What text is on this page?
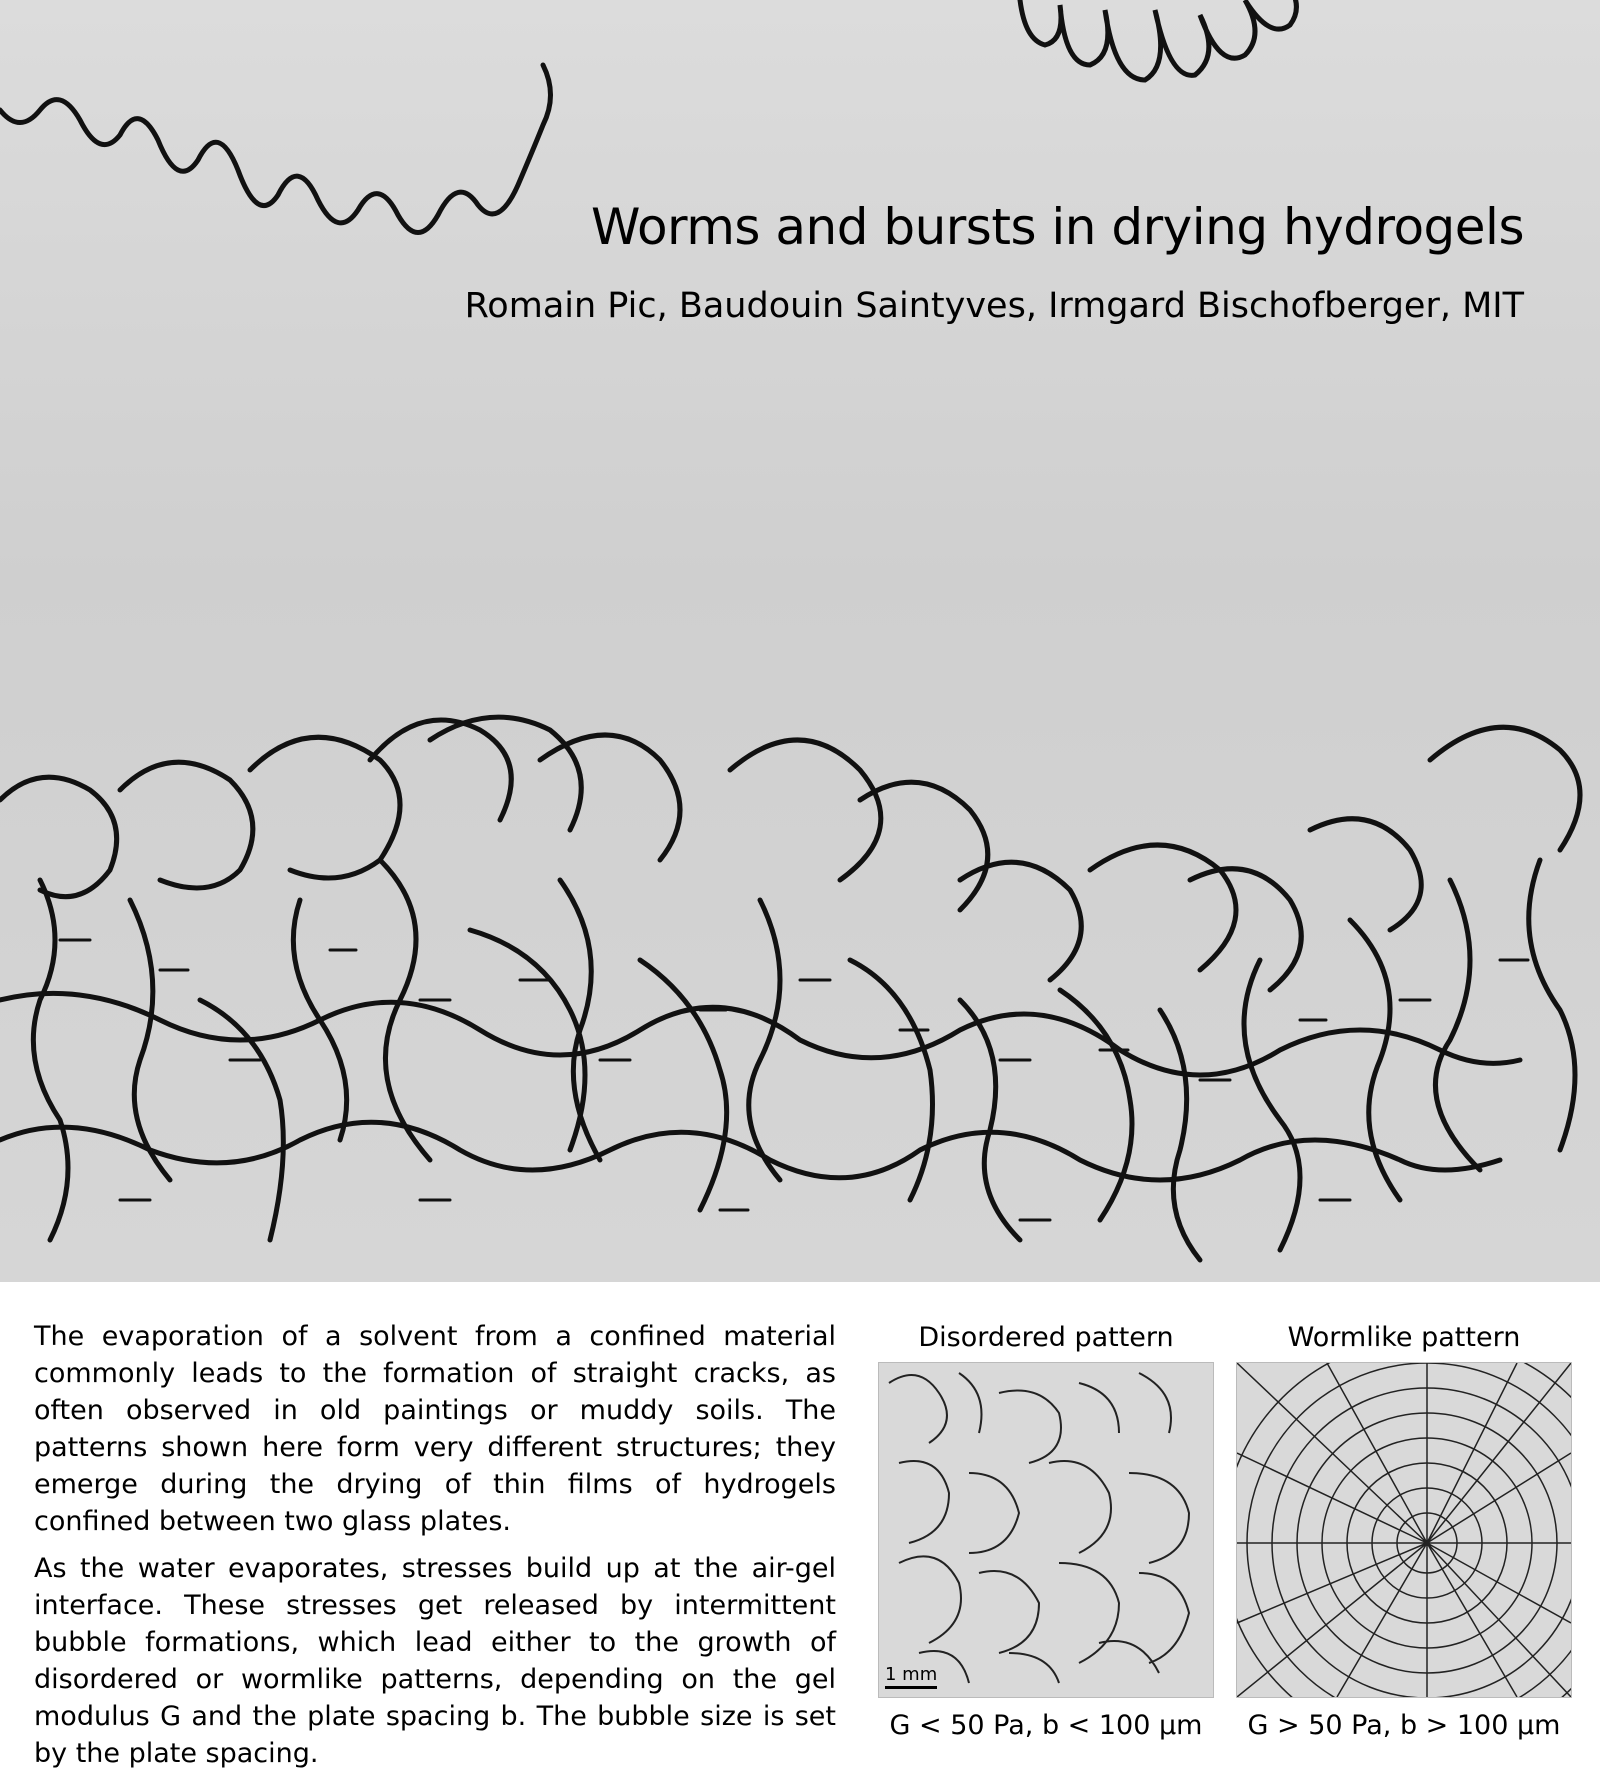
Worms and bursts in drying hydrogels
Romain Pic, Baudouin Saintyves, Irmgard Bischofberger, MIT

The evaporation of a solvent from a confined material commonly leads to the formation of straight cracks, as often observed in old paintings or muddy soils. The patterns shown here form very different structures; they emerge during the drying of thin films of hydrogels confined between two glass plates.

As the water evaporates, stresses build up at the air-gel interface. These stresses get released by intermittent bubble formations, which lead either to the growth of disordered or wormlike patterns, depending on the gel modulus G and the plate spacing b. The bubble size is set by the plate spacing.

Disordered pattern
1 mm
G < 50 Pa, b < 100 μm
Wormlike pattern
G > 50 Pa, b > 100 μm
